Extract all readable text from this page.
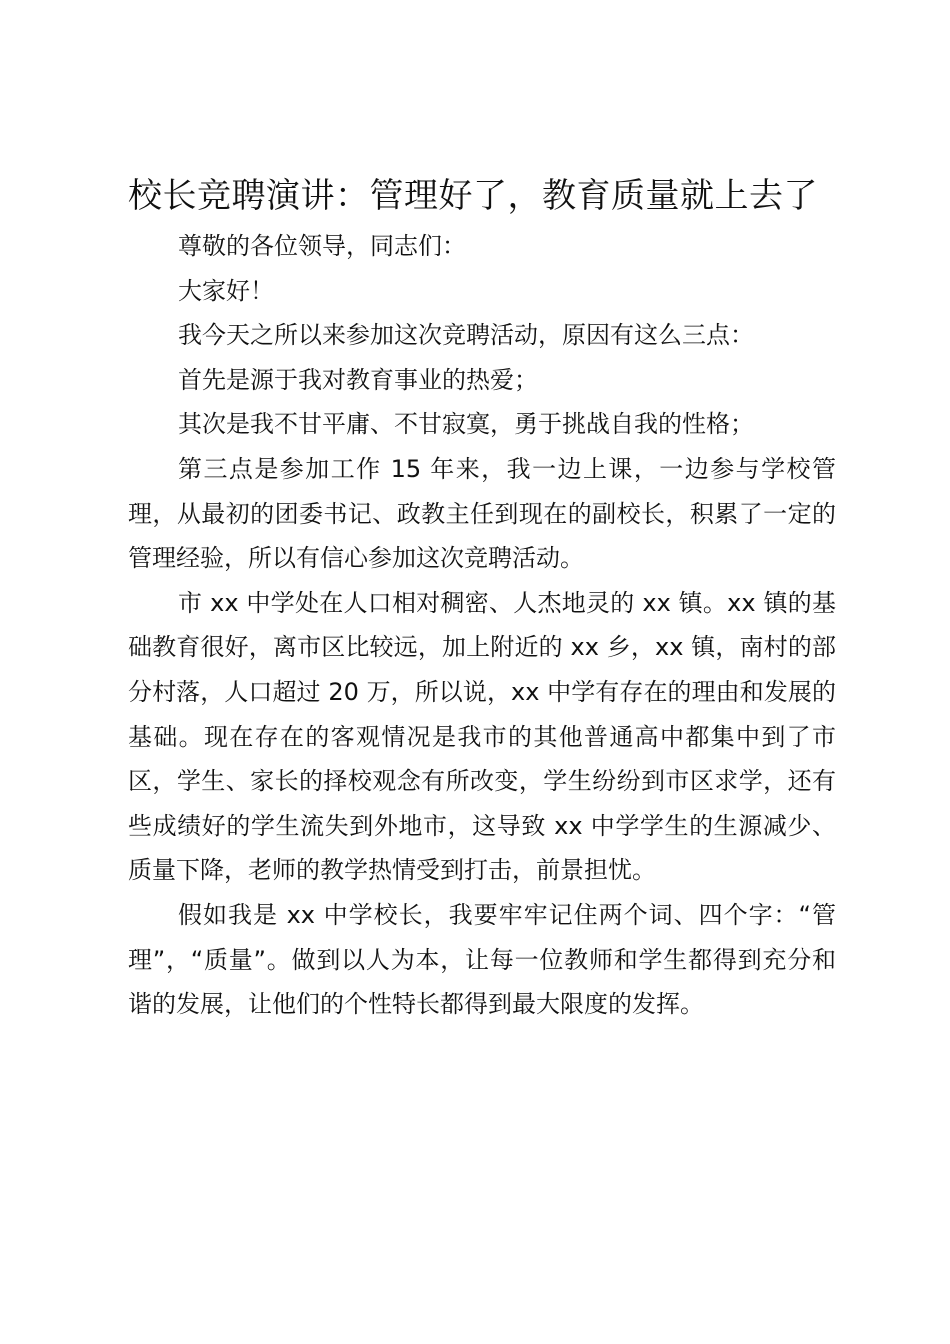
校长竞聘演讲：管理好了，教育质量就上去了

尊敬的各位领导，同志们：

大家好！

我今天之所以来参加这次竞聘活动，原因有这么三点：

首先是源于我对教育事业的热爱；

其次是我不甘平庸、不甘寂寞，勇于挑战自我的性格；

第三点是参加工作 15 年来，我一边上课，一边参与学校管理，从最初的团委书记、政教主任到现在的副校长，积累了一定的管理经验，所以有信心参加这次竞聘活动。

市 xx 中学处在人口相对稠密、人杰地灵的 xx 镇。xx 镇的基础教育很好，离市区比较远，加上附近的 xx 乡，xx 镇，南村的部分村落，人口超过 20 万，所以说，xx 中学有存在的理由和发展的基础。现在存在的客观情况是我市的其他普通高中都集中到了市区，学生、家长的择校观念有所改变，学生纷纷到市区求学，还有些成绩好的学生流失到外地市，这导致 xx 中学学生的生源减少、质量下降，老师的教学热情受到打击，前景担忧。

假如我是 xx 中学校长，我要牢牢记住两个词、四个字：“管理”，“质量”。做到以人为本，让每一位教师和学生都得到充分和谐的发展，让他们的个性特长都得到最大限度的发挥。
